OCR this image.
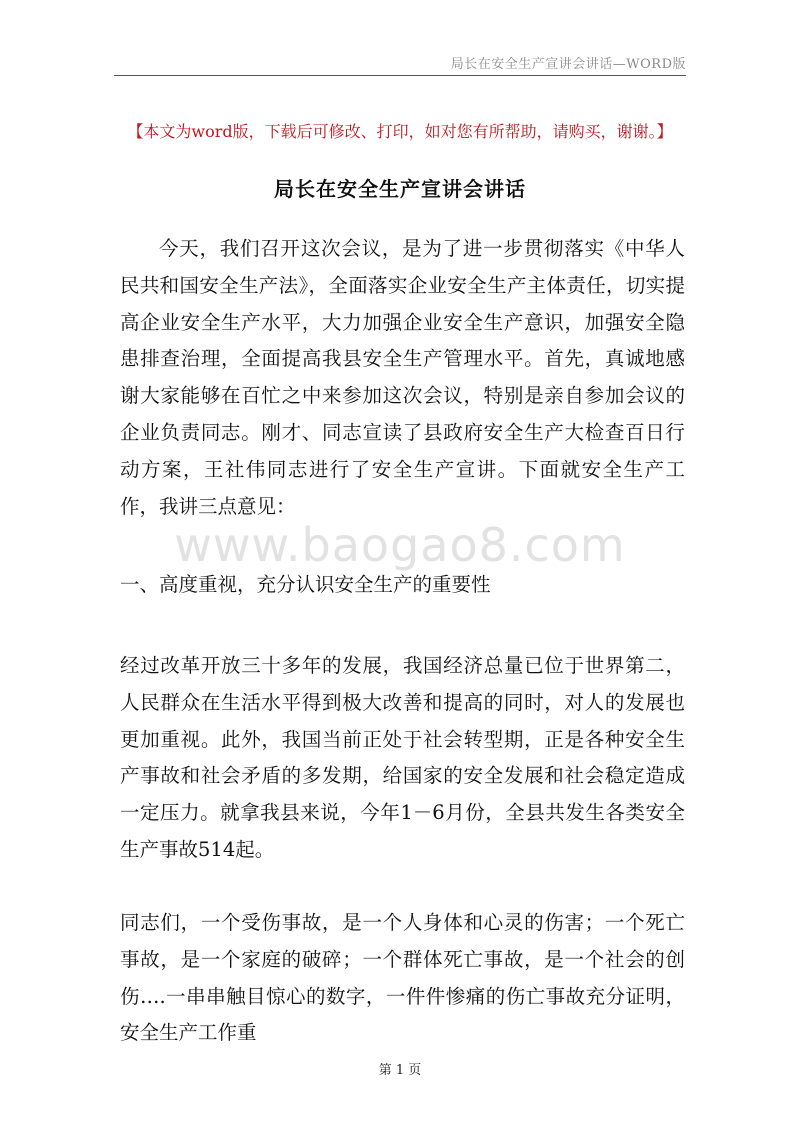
局长在安全生产宣讲会讲话—WORD版
【本文为word版，下载后可修改、打印，如对您有所帮助，请购买，谢谢。】
局长在安全生产宣讲会讲话
今天，我们召开这次会议，是为了进一步贯彻落实《中华人民共和国安全生产法》，全面落实企业安全生产主体责任，切实提高企业安全生产水平，大力加强企业安全生产意识，加强安全隐患排查治理，全面提高我县安全生产管理水平。首先，真诚地感谢大家能够在百忙之中来参加这次会议，特别是亲自参加会议的企业负责同志。刚才、同志宣读了县政府安全生产大检查百日行动方案，王社伟同志进行了安全生产宣讲。下面就安全生产工作，我讲三点意见：
www.baogao8.com
一、高度重视，充分认识安全生产的重要性
经过改革开放三十多年的发展，我国经济总量已位于世界第二，人民群众在生活水平得到极大改善和提高的同时，对人的发展也更加重视。此外，我国当前正处于社会转型期，正是各种安全生产事故和社会矛盾的多发期，给国家的安全发展和社会稳定造成一定压力。就拿我县来说，今年1－6月份，全县共发生各类安全生产事故514起。
同志们，一个受伤事故，是一个人身体和心灵的伤害；一个死亡事故，是一个家庭的破碎；一个群体死亡事故，是一个社会的创伤….一串串触目惊心的数字，一件件惨痛的伤亡事故充分证明，安全生产工作重
第 1 页
